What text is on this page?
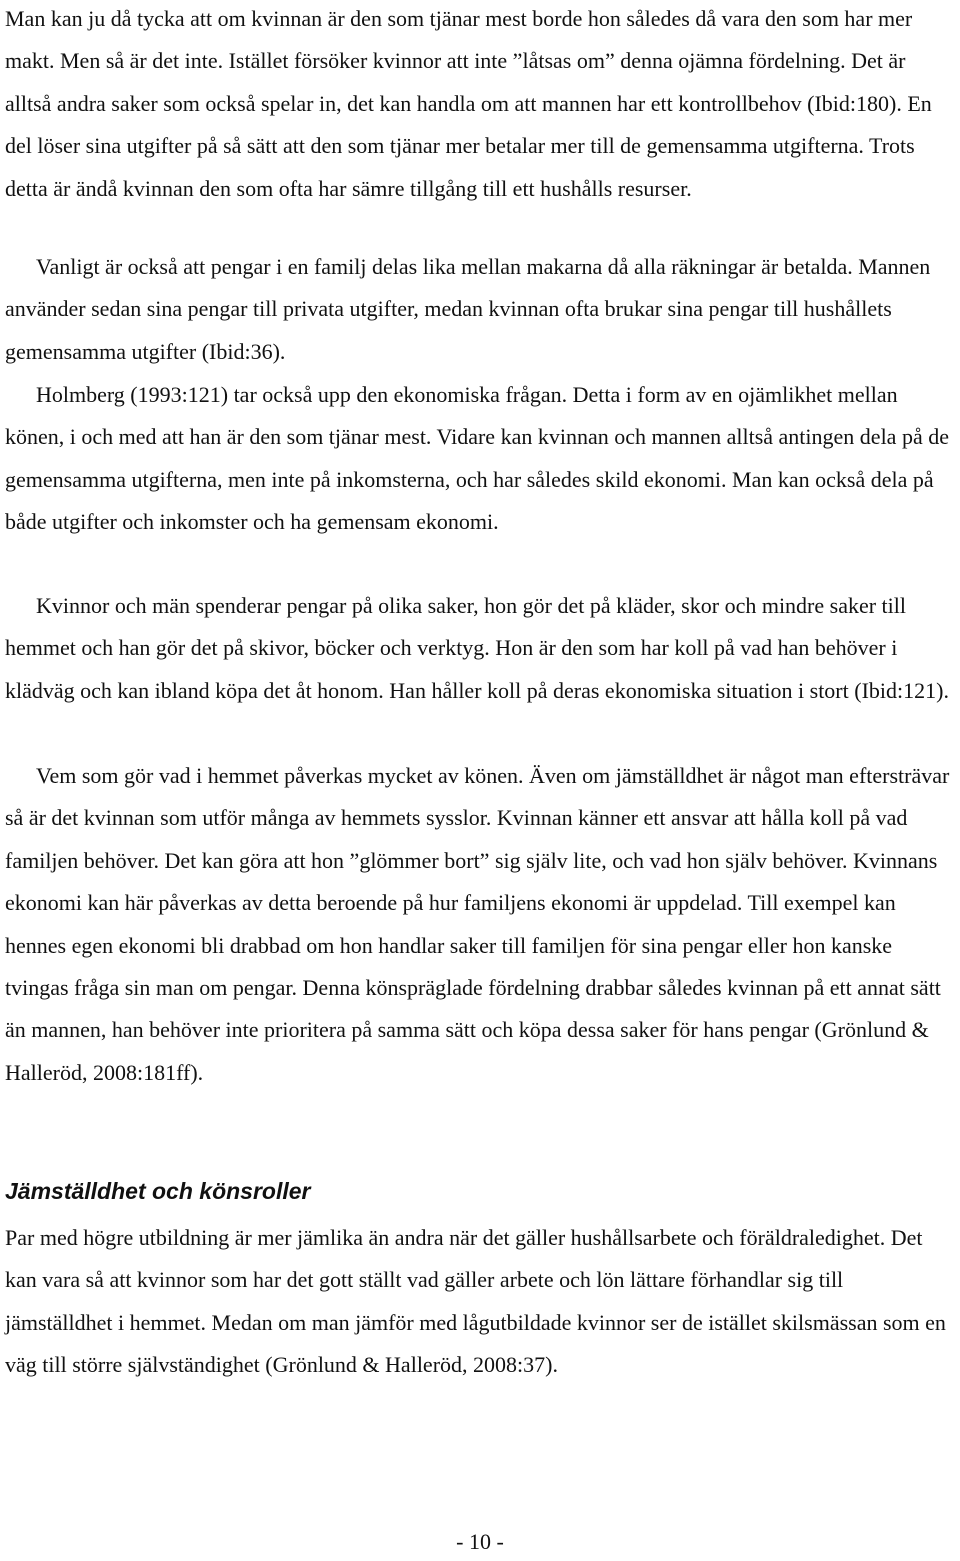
Man kan ju då tycka att om kvinnan är den som tjänar mest borde hon således då vara den som har mer makt. Men så är det inte. Istället försöker kvinnor att inte ”låtsas om” denna ojämna fördelning. Det är alltså andra saker som också spelar in, det kan handla om att mannen har ett kontrollbehov (Ibid:180). En del löser sina utgifter på så sätt att den som tjänar mer betalar mer till de gemensamma utgifterna. Trots detta är ändå kvinnan den som ofta har sämre tillgång till ett hushålls resurser.

Vanligt är också att pengar i en familj delas lika mellan makarna då alla räkningar är betalda. Mannen använder sedan sina pengar till privata utgifter, medan kvinnan ofta brukar sina pengar till hushållets gemensamma utgifter (Ibid:36).

Holmberg (1993:121) tar också upp den ekonomiska frågan. Detta i form av en ojämlikhet mellan könen, i och med att han är den som tjänar mest. Vidare kan kvinnan och mannen alltså antingen dela på de gemensamma utgifterna, men inte på inkomsterna, och har således skild ekonomi. Man kan också dela på både utgifter och inkomster och ha gemensam ekonomi.

Kvinnor och män spenderar pengar på olika saker, hon gör det på kläder, skor och mindre saker till hemmet och han gör det på skivor, böcker och verktyg. Hon är den som har koll på vad han behöver i klädväg och kan ibland köpa det åt honom. Han håller koll på deras ekonomiska situation i stort (Ibid:121).

Vem som gör vad i hemmet påverkas mycket av könen. Även om jämställdhet är något man eftersträvar så är det kvinnan som utför många av hemmets sysslor. Kvinnan känner ett ansvar att hålla koll på vad familjen behöver. Det kan göra att hon ”glömmer bort” sig själv lite, och vad hon själv behöver. Kvinnans ekonomi kan här påverkas av detta beroende på hur familjens ekonomi är uppdelad. Till exempel kan hennes egen ekonomi bli drabbad om hon handlar saker till familjen för sina pengar eller hon kanske tvingas fråga sin man om pengar. Denna könspräglade fördelning drabbar således kvinnan på ett annat sätt än mannen, han behöver inte prioritera på samma sätt och köpa dessa saker för hans pengar (Grönlund & Halleröd, 2008:181ff).

Jämställdhet och könsroller

Par med högre utbildning är mer jämlika än andra när det gäller hushållsarbete och föräldraledighet. Det kan vara så att kvinnor som har det gott ställt vad gäller arbete och lön lättare förhandlar sig till jämställdhet i hemmet. Medan om man jämför med lågutbildade kvinnor ser de istället skilsmässan som en väg till större självständighet (Grönlund & Halleröd, 2008:37).

- 10 -
